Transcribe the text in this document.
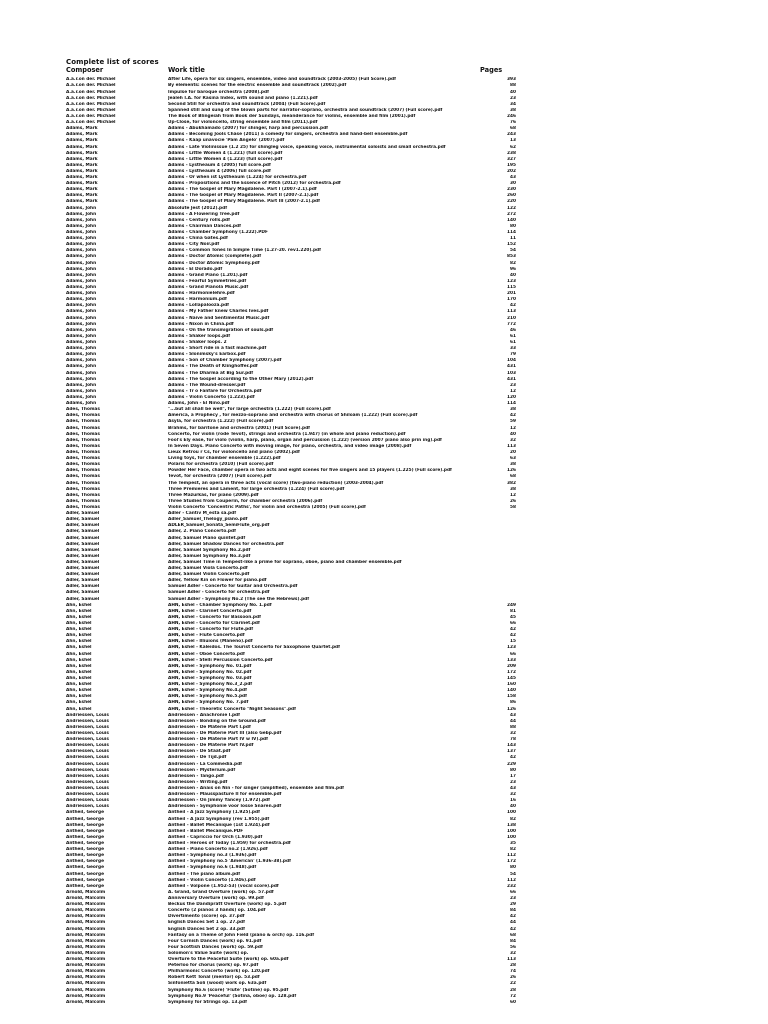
Complete list of scores
Composer	Work title	Pages
A.a.r.on der. Michael	After Life, opera for six singers, ensemble, video and soundtrack (2003-2005) (Full Score).pdf	393
A.a.r.on der. Michael	By elements: scenes for the electric ensemble and soundtrack (2002).pdf	88
A.a.r.on der. Michael	Impulse for baroque orchestra (2008).pdf	40
A.a.r.on der. Michael	Jealeh I.A. for Rasina Index, with sound and piano (1.221).pdf	23
A.a.r.on der. Michael	Second Still for orchestra and soundtrack (2004) (Full Score).pdf	34
A.a.r.on der. Michael	Spanned still and sung of the blown parts for narrator-soprano, orchestra and soundtrack (2007) (Full score).pdf	38
A.a.r.on der. Michael	The Book of Blingeiah from Book der Sundays, meanderance for violins, ensemble and film (2001).pdf	246
A.a.r.on der. Michael	Up-Close, for violoncello, string ensemble and film (2011).pdf	76
Adams, Mark	Adams - Abukhamado (2007) for shinger, harp and percussion.pdf	68
Adams, Mark	Adams - Becoming Jools Chase (2011) a comedy for singers, orchestra and hand-bell ensemble.pdf	243
Adams, Mark	Adams - Kaap unavocie 'Pam Angelo' (2007).pdf	13
Adams, Mark	Adams - Late Violinissue (1.2 25) for shingleg voice, speaking voice, instrumental soloists and small orchestra.pdf	62
Adams, Mark	Adams - Little Women 4 (1.221) (full score).pdf	238
Adams, Mark	Adams - Little Women 4 (1.223) (full score).pdf	327
Adams, Mark	Adams - Lystheaum 4 (2005) full score.pdf	195
Adams, Mark	Adams - Lystheaum 4 (2006) full score.pdf	202
Adams, Mark	Adams - Or when ist Lystheaum (1.224) for orchestra.pdf	43
Adams, Mark	Adams - Propositions and the Essence of Pitch (2012) for orchestra.pdf	30
Adams, Mark	Adams - The Gospel of Mary Magdalene. Part I (2007-2.1).pdf	230
Adams, Mark	Adams - The Gospel of Mary Magdalene. Part II (2007-2.1).pdf	260
Adams, Mark	Adams - The Gospel of Mary Magdalene. Part III (2007-2.1).pdf	220
Adams, John	Absolute Jest (2012).pdf	122
Adams, John	Adams - A Flowering Tree.pdf	272
Adams, John	Adams - Century rolls.pdf	140
Adams, John	Adams - Chairman Dances.pdf	80
Adams, John	Adams - Chamber Symphony (1.222).PDF	114
Adams, John	Adams - China Gates.pdf	11
Adams, John	Adams - City Noir.pdf	152
Adams, John	Adams - Common Tones In Simple Time (1.27-20. rev1.220).pdf	54
Adams, John	Adams - Doctor Atomic (complete).pdf	853
Adams, John	Adams - Doctor Atomic Symphony.pdf	82
Adams, John	Adams - El Dorado.pdf	96
Adams, John	Adams - Grand Piano (1.201).pdf	40
Adams, John	Adams - Fearful Symmetries.pdf	123
Adams, John	Adams - Grand Pianola Music.pdf	115
Adams, John	Adams - Harmonielehre.pdf	201
Adams, John	Adams - Harmonium.pdf	170
Adams, John	Adams - Lollapalooza.pdf	42
Adams, John	Adams - My Father knew Charles Ives.pdf	113
Adams, John	Adams - Naive and Sentimental Music.pdf	210
Adams, John	Adams - Nixon in China.pdf	772
Adams, John	Adams - On the transmigration of souls.pdf	46
Adams, John	Adams - Shaker loops.pdf	61
Adams, John	Adams - Shaker loops. 2	61
Adams, John	Adams - Short ride in a fast machine.pdf	33
Adams, John	Adams - Slonimsky's Earbox.pdf	79
Adams, John	Adams - Son of Chamber Symphony (2007).pdf	104
Adams, John	Adams - The Death of Klinghoffer.pdf	431
Adams, John	Adams - The Dharma at Big Sur.pdf	103
Adams, John	Adams - The Gospel according to the Other Mary (2012).pdf	431
Adams, John	Adams - The Wound-dresser.pdf	23
Adams, John	Adams - Tr o Fanfare for Orchestra.pdf	12
Adams, John	Adams - Violin Concerto (1.223).pdf	120
Adams, John	Adams, John - El Nino.pdf	114
Ades, Thomas	"...but all shall be well", for large orchestra (1.222) (Full score).pdf	38
Ades, Thomas	America, a Prophecy , for mezzo-soprano and orchestra with chorus of Shiloam (1.222) (Full score).pdf	42
Ades, Thomas	Asyla, for orchestra (1.222) (Full score).pdf	59
Ades, Thomas	Brahms, for baritone and orchestra (2001) (Full Score).pdf	12
Ades, Thomas	Concerto, for violin (rode Tevot), strings and orchestra (1.947) (in whole and piano reduction).pdf	40
Ades, Thomas	Fool's Ely ease, for violo (violin, harp, piano, organ and percussion (1.222) (version 2007 piano also prin ing).pdf	32
Ades, Thomas	In Seven Days. Piano Concerto with moving image, for piano, orchestra, and video image (2008).pdf	113
Ades, Thomas	Lieux Retrou r Cs, for violoncello and piano (2002).pdf	20
Ades, Thomas	Living toys, for chamber ensemble (1.222).pdf	63
Ades, Thomas	Polaris for orchestra (2010) (Full score).pdf	38
Ades, Thomas	Powder Her Face, chamber opera in two acts and eight scenes for five singers and 15 players (1.225) (Full score).pdf	126
Ades, Thomas	Tevot, for orchestra (2007) (Full score).pdf	68
Ades, Thomas	The Tempest, an opera in three acts (vocal score) (two-piano reduction) (2003-2004).pdf	382
Ades, Thomas	Three Premieres and Lament, for large orchestra (1.224) (Full score).pdf	38
Ades, Thomas	Three Mazurkas, for piano (2009).pdf	12
Ades, Thomas	Three Studies from Couperin, for chamber orchestra (2006).pdf	26
Ades, Thomas	Violin Concerto 'Concentric Paths', for violin and orchestra (2005) (Full score).pdf	58
Adler, Samuel	Adler - Cantiv M_esta sa.pdf
Adler, Samuel	Adler_Samuel_Thelogy_piano.pdf
Adler, Samuel	ADLER_Samuel_Sonata_SemiFlute_org.pdf
Adler, Samuel	Adler, 2. Piano Concerto.pdf
Adler, Samuel	Adler, Samuel Piano quintet.pdf
Adler, Samuel	Adler, Samuel Shadow Dances for orchestra.pdf
Adler, Samuel	Adler, Samuel Symphony No.2.pdf
Adler, Samuel	Adler, Samuel Symphony No.3.pdf
Adler, Samuel	Adler, Samuel Time in Tempest-like a prime for soprano, oboe, piano and chamber ensemble.pdf
Adler, Samuel	Adler, Samuel Viola Concerto.pdf
Adler, Samuel	Adler, Samuel Violin Concerto.pdf
Adler, Samuel	Adler, Yellow Kin on Flower for piano.pdf
Adler, Samuel	Samuel Adler - Concerto for Guitar and Orchestra.pdf
Adler, Samuel	Samuel Adler - Concerto for orchestra.pdf
Adler, Samuel	Samuel Adler - Symphony No.2 (The see the Hebrews).pdf
Ahn, Eshel	AHN, Eshel - Chamber Symphony No. 1.pdf	249
Ahn, Eshel	AHN, Eshel - Clarinet Concerto.pdf	81
Ahn, Eshel	AHN, Eshel - Concerto for Bassoon.pdf	45
Ahn, Eshel	AHN, Eshel - Concerto for Clarinet.pdf	66
Ahn, Eshel	AHN, Eshel - Concerto for Flute.pdf	42
Ahn, Eshel	AHN, Eshel - Flute Concerto.pdf	42
Ahn, Eshel	AHN, Eshel - Illiuions (Maneno).pdf	15
Ahn, Eshel	AHN, Eshel - Kaleidos. The Tourist Concerto for Saxophone Quartet.pdf	123
Ahn, Eshel	AHN, Eshel - Oboe Concerto.pdf	66
Ahn, Eshel	AHN, Eshel - Stelli Percussion Concerto.pdf	133
Ahn, Eshel	AHN, Eshel - Symphony No. 01.pdf	209
Ahn, Eshel	AHN, Eshel - Symphony No. 02.pdf	172
Ahn, Eshel	AHN, Eshel - Symphony No. 03.pdf	145
Ahn, Eshel	AHN, Eshel - Symphony No.3_2.pdf	160
Ahn, Eshel	AHN, Eshel - Symphony No.4.pdf	140
Ahn, Eshel	AHN, Eshel - Symphony No.5.pdf	158
Ahn, Eshel	AHN, Eshel - Symphony No. 7.pdf	86
Ahn, Eshel	AHN, Eshel - Theoretic Concerto "Night Seasons".pdf	126
Andriessen, Louis	Andriessen - Anachronie I.pdf	43
Andriessen, Louis	Andriessen - Bonding on the Ground.pdf	44
Andriessen, Louis	Andriessen - De Materie Part I.pdf	88
Andriessen, Louis	Andriessen - De Materie Part III (also Gebp.pdf	32
Andriessen, Louis	Andriessen - De Materie Part IV w IV).pdf	78
Andriessen, Louis	Andriessen - De Materie Part IV.pdf	143
Andriessen, Louis	Andriessen - De Staat.pdf	137
Andriessen, Louis	Andriessen - De Tijd.pdf	42
Andriessen, Louis	Andriessen - La Commedia.pdf	229
Andriessen, Louis	Andriessen - Mysterium.pdf	80
Andriessen, Louis	Andriessen - Tango.pdf	17
Andriessen, Louis	Andriessen - Writing.pdf	23
Andriessen, Louis	Andriessen - Anaïs on Nin - for singer (amplified), ensemble and film.pdf	43
Andriessen, Louis	Andriessen - Mausspasture II for ensemble.pdf	32
Andriessen, Louis	Andriessen - On Jimmy Yancey (1.972).pdf	16
Andriessen, Louis	Andriessen - Symphonie voor losse Snaren.pdf	40
Antheil, George	Antheil - A Jazz Symphony (1.925).pdf	100
Antheil, George	Antheil - A Jazz Symphony (rev 1.955).pdf	82
Antheil, George	Antheil - Ballet Mecanique (1st 1.924).pdf	138
Antheil, George	Antheil - Ballet Mecanique.PDF	100
Antheil, George	Antheil - Capriccio for Orch (1.930).pdf	100
Antheil, George	Antheil - Heroes of Today (1.959) for orchestra.pdf	35
Antheil, George	Antheil - Piano Concerto no.2 (1.926).pdf	82
Antheil, George	Antheil - Symphony no.3 (1.936).pdf	112
Antheil, George	Antheil - Symphony no.5 'American' (1.936-38).pdf	172
Antheil, George	Antheil - Symphony no.6 (1.948).pdf	80
Antheil, George	Antheil - The piano album.pdf	54
Antheil, George	Antheil - Violin Concerto (1.946).pdf	112
Antheil, George	Antheil - Volpone (1.952-53) (vocal score).pdf	232
Arnold, Malcolm	A. Grand, Grand Overture (work) op. 57.pdf	66
Arnold, Malcolm	Anniversary Overture (work) op. 99.pdf	23
Arnold, Malcolm	Beckus the Dandipratt Overture (work) op. 5.pdf	29
Arnold, Malcolm	Concerto (2 pianos 3 hands) op. 104.pdf	84
Arnold, Malcolm	Divertimento (score) op. 37.pdf	42
Arnold, Malcolm	English Dances Set 1 op. 27.pdf	44
Arnold, Malcolm	English Dances Set 2 op. 33.pdf	42
Arnold, Malcolm	Fantasy on a Theme of John Field (piano & orch) op. 116.pdf	68
Arnold, Malcolm	Four Cornish Dances (work) op. 91.pdf	84
Arnold, Malcolm	Four Scottish Dances (work) op. 59.pdf	56
Arnold, Malcolm	Solomon's Value Suite (work) op.	32
Arnold, Malcolm	Overture to the Peaceful Suite (work) op. 60a.pdf	113
Arnold, Malcolm	Peterloo for chorus (work) op. 97.pdf	28
Arnold, Malcolm	Philharmonic Concerto (work) op. 120.pdf	74
Arnold, Malcolm	Robert Kett Tonal (mentor) op. 53.pdf	26
Arnold, Malcolm	Sinfonietta Soli (wood) work op. 63a.pdf	22
Arnold, Malcolm	Symphony No.6 (score) 'Flute' (Sotine) op. 95.pdf	28
Arnold, Malcolm	Symphony No.9 'Peaceful' (Sotina, oboe) op. 128.pdf	72
Arnold, Malcolm	Symphony for Strings op. 13.pdf	60
